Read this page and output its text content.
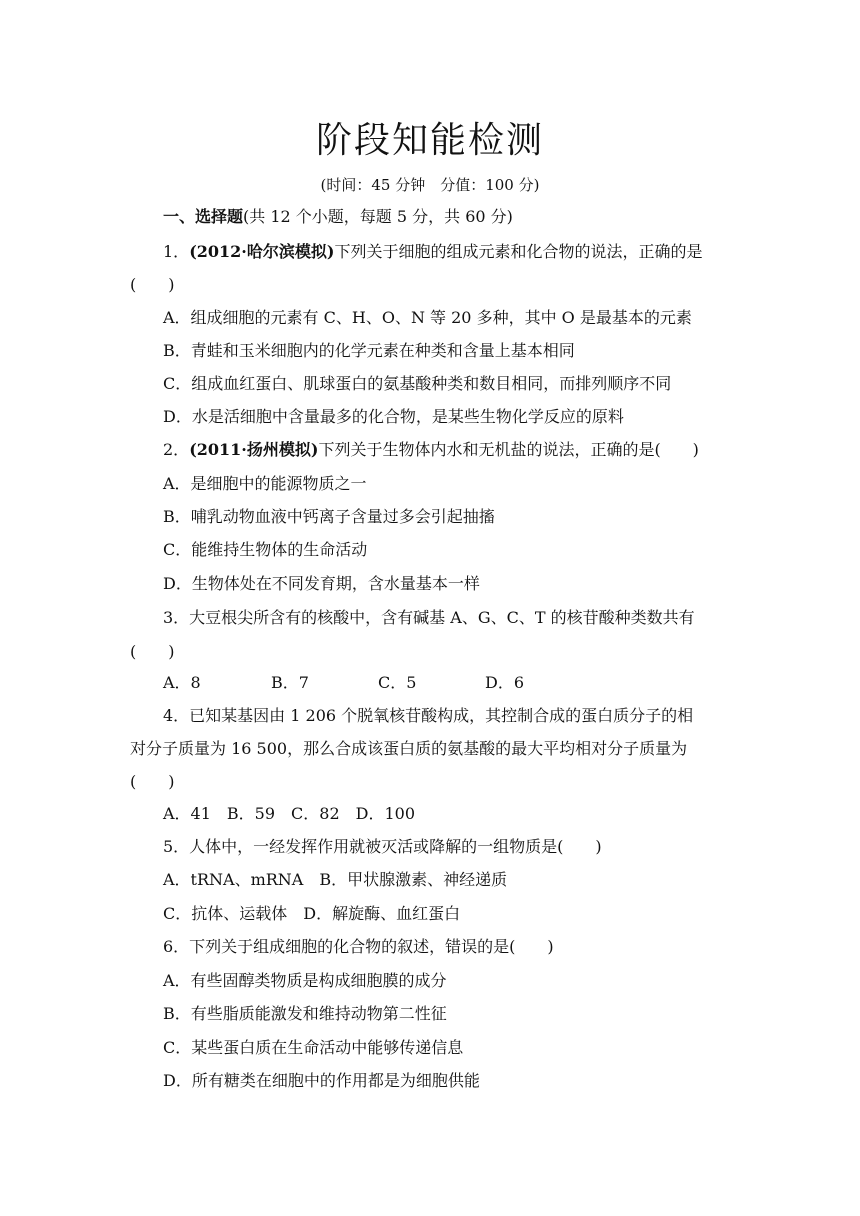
阶段知能检测
(时间：45 分钟　分值：100 分)
一、选择题(共 12 个小题，每题 5 分，共 60 分)
1．(2012·哈尔滨模拟)下列关于细胞的组成元素和化合物的说法，正确的是
(　　)
A．组成细胞的元素有 C、H、O、N 等 20 多种，其中 O 是最基本的元素
B．青蛙和玉米细胞内的化学元素在种类和含量上基本相同
C．组成血红蛋白、肌球蛋白的氨基酸种类和数目相同，而排列顺序不同
D．水是活细胞中含量最多的化合物，是某些生物化学反应的原料
2．(2011·扬州模拟)下列关于生物体内水和无机盐的说法，正确的是(　　)
A．是细胞中的能源物质之一
B．哺乳动物血液中钙离子含量过多会引起抽搐
C．能维持生物体的生命活动
D．生物体处在不同发育期，含水量基本一样
3．大豆根尖所含有的核酸中，含有碱基 A、G、C、T 的核苷酸种类数共有
(　　)
A．8	B．7	C．5	D．6
4．已知某基因由 1 206 个脱氧核苷酸构成，其控制合成的蛋白质分子的相
对分子质量为 16 500，那么合成该蛋白质的氨基酸的最大平均相对分子质量为
(　　)
A．41　B．59　C．82　D．100
5．人体中，一经发挥作用就被灭活或降解的一组物质是(　　)
A．tRNA、mRNA　B．甲状腺激素、神经递质
C．抗体、运载体　D．解旋酶、血红蛋白
6．下列关于组成细胞的化合物的叙述，错误的是(　　)
A．有些固醇类物质是构成细胞膜的成分
B．有些脂质能激发和维持动物第二性征
C．某些蛋白质在生命活动中能够传递信息
D．所有糖类在细胞中的作用都是为细胞供能
